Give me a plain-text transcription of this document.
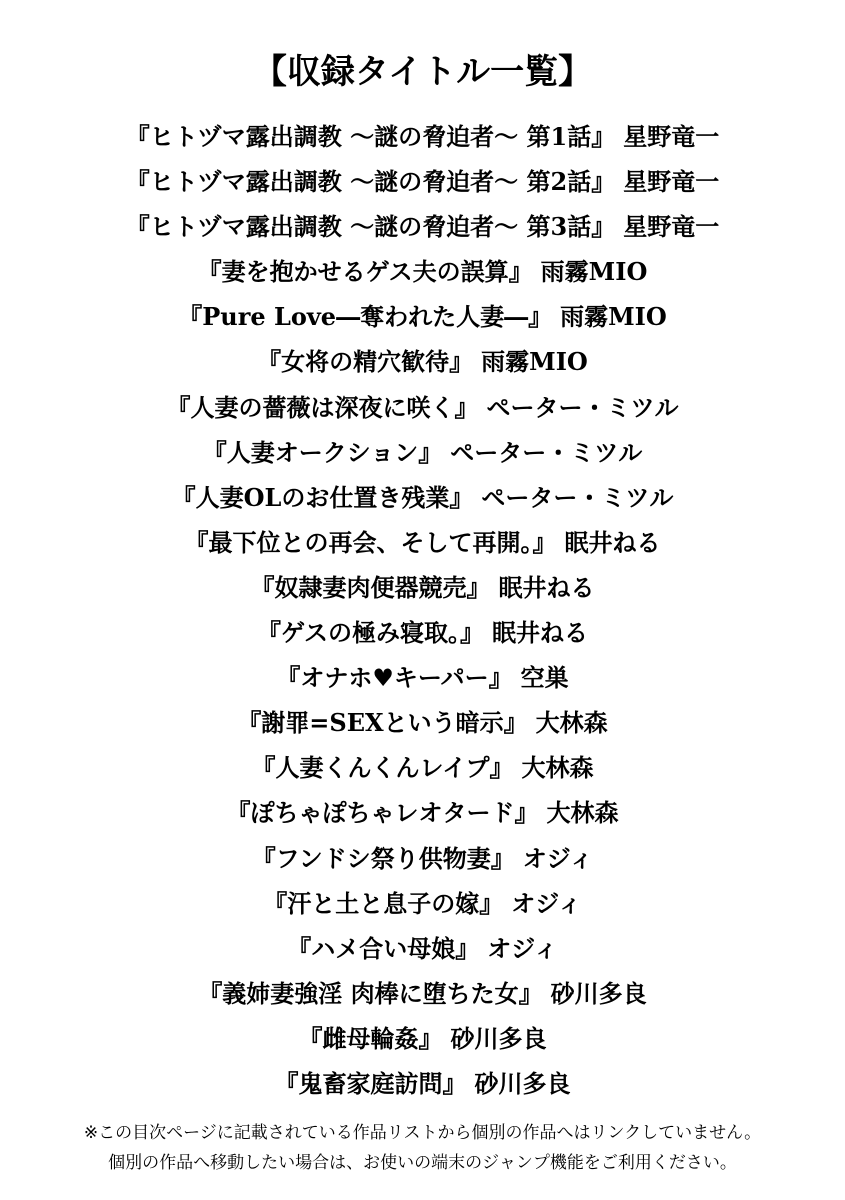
【収録タイトル一覧】
『ヒトヅマ露出調教 ～謎の脅迫者～ 第1話』 星野竜一
『ヒトヅマ露出調教 ～謎の脅迫者～ 第2話』 星野竜一
『ヒトヅマ露出調教 ～謎の脅迫者～ 第3話』 星野竜一
『妻を抱かせるゲス夫の誤算』 雨霧MIO
『Pure Love―奪われた人妻―』 雨霧MIO
『女将の精穴歓待』 雨霧MIO
『人妻の薔薇は深夜に咲く』 ペーター・ミツル
『人妻オークション』 ペーター・ミツル
『人妻OLのお仕置き残業』 ペーター・ミツル
『最下位との再会、そして再開。』 眠井ねる
『奴隷妻肉便器競売』 眠井ねる
『ゲスの極み寝取。』 眠井ねる
『オナホ♥キーパー』 空巣
『謝罪=SEXという暗示』 大林森
『人妻くんくんレイプ』 大林森
『ぽちゃぽちゃレオタード』 大林森
『フンドシ祭り供物妻』 オジィ
『汗と土と息子の嫁』 オジィ
『ハメ合い母娘』 オジィ
『義姉妻強淫 肉棒に堕ちた女』 砂川多良
『雌母輪姦』 砂川多良
『鬼畜家庭訪問』 砂川多良
※この目次ページに記載されている作品リストから個別の作品へはリンクしていません。
個別の作品へ移動したい場合は、お使いの端末のジャンプ機能をご利用ください。
